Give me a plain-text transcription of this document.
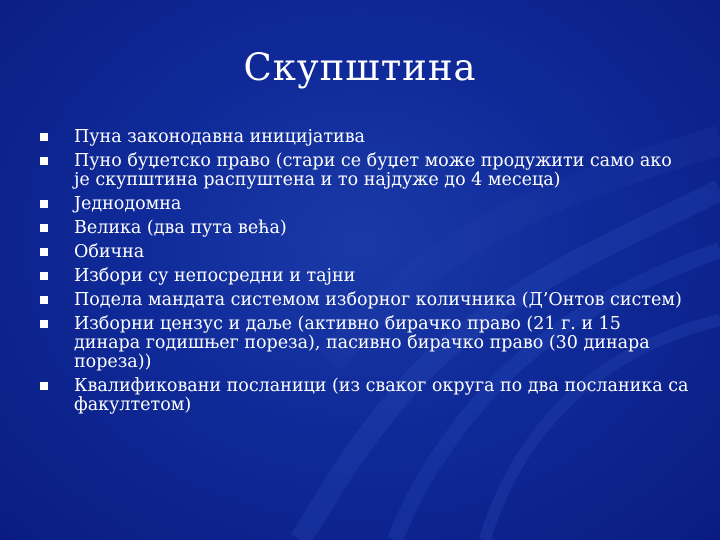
Скупштина
Пуна законодавна иницијатива
Пуно буџетско право (стари се буџет може продужити само ако је скупштина распуштена и то најдуже до 4 месеца)
Једнодомна
Велика (два пута већа)
Обична
Избори су непосредни и тајни
Подела мандата системом изборног количника (Д’Онтов систем)
Изборни цензус и даље (активно бирачко право (21 г. и 15 динара годишњег пореза), пасивно бирачко право (30 динара пореза))
Квалификовани посланици (из сваког округа по два посланика са факултетом)
